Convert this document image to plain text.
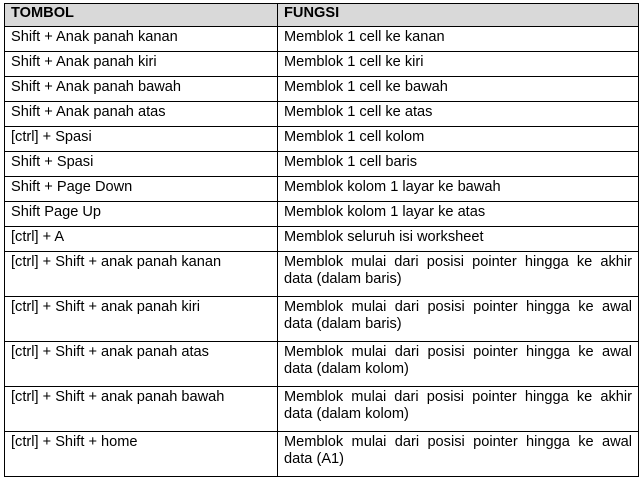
TOMBOL	FUNGSI
Shift + Anak panah kanan	Memblok 1 cell ke kanan
Shift + Anak panah kiri	Memblok 1 cell ke kiri
Shift + Anak panah bawah	Memblok 1 cell ke bawah
Shift + Anak panah atas	Memblok 1 cell ke atas
[ctrl] + Spasi	Memblok 1 cell kolom
Shift + Spasi	Memblok 1 cell baris
Shift + Page Down	Memblok kolom 1 layar ke bawah
Shift Page Up	Memblok kolom 1 layar ke atas
[ctrl] + A	Memblok seluruh isi worksheet
[ctrl] + Shift + anak panah kanan	Memblok mulai dari posisi pointer hingga ke akhir data (dalam baris)
[ctrl] + Shift + anak panah kiri	Memblok mulai dari posisi pointer hingga ke awal data (dalam baris)
[ctrl] + Shift + anak panah atas	Memblok mulai dari posisi pointer hingga ke awal data (dalam kolom)
[ctrl] + Shift + anak panah bawah	Memblok mulai dari posisi pointer hingga ke akhir data (dalam kolom)
[ctrl] + Shift + home	Memblok mulai dari posisi pointer hingga ke awal data (A1)
